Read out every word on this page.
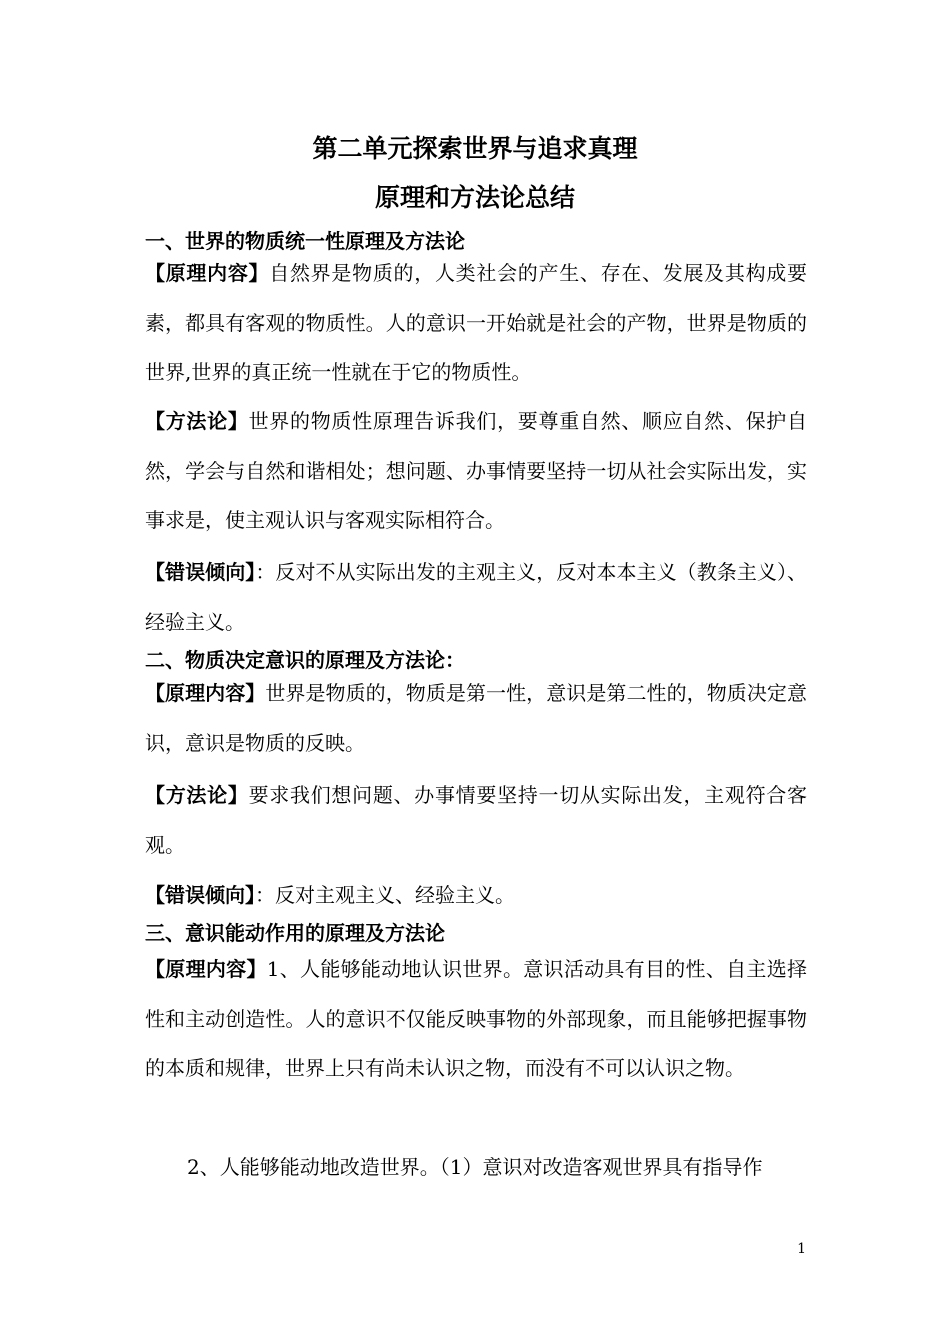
第二单元探索世界与追求真理
原理和方法论总结
一、世界的物质统一性原理及方法论
【原理内容】自然界是物质的，人类社会的产生、存在、发展及其构成要素，都具有客观的物质性。人的意识一开始就是社会的产物，世界是物质的世界,世界的真正统一性就在于它的物质性。
【方法论】世界的物质性原理告诉我们，要尊重自然、顺应自然、保护自然，学会与自然和谐相处；想问题、办事情要坚持一切从社会实际出发，实事求是，使主观认识与客观实际相符合。
【错误倾向】：反对不从实际出发的主观主义，反对本本主义（教条主义）、经验主义。
二、物质决定意识的原理及方法论：
【原理内容】世界是物质的，物质是第一性，意识是第二性的，物质决定意识，意识是物质的反映。
【方法论】要求我们想问题、办事情要坚持一切从实际出发，主观符合客观。
【错误倾向】：反对主观主义、经验主义。
三、意识能动作用的原理及方法论
【原理内容】1、人能够能动地认识世界。意识活动具有目的性、自主选择性和主动创造性。人的意识不仅能反映事物的外部现象，而且能够把握事物的本质和规律，世界上只有尚未认识之物，而没有不可以认识之物。
2、人能够能动地改造世界。（1）意识对改造客观世界具有指导作
1
